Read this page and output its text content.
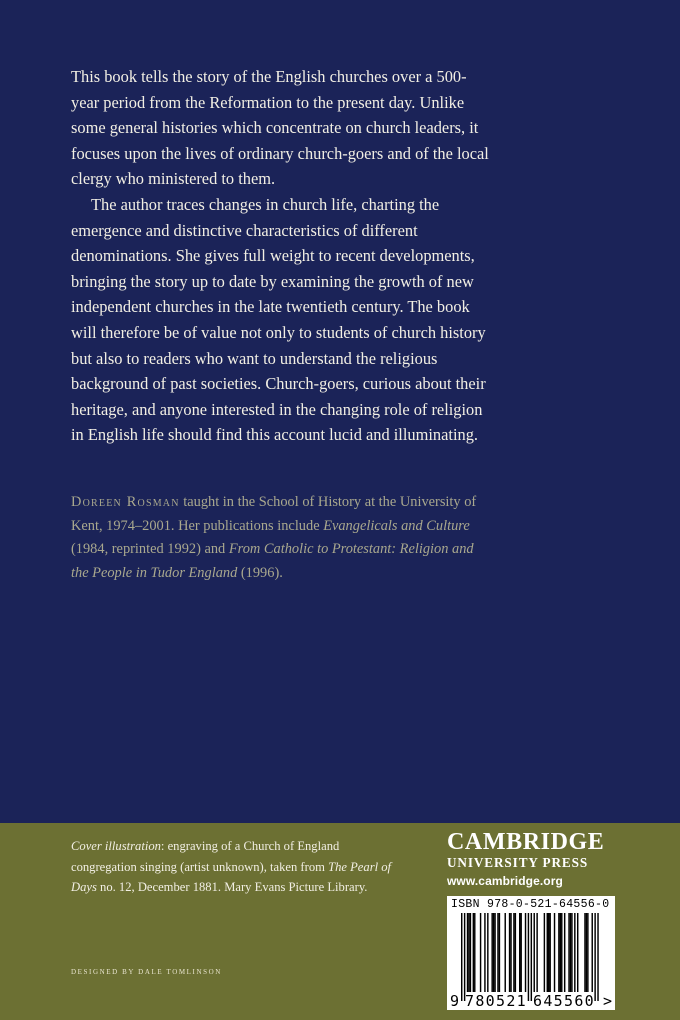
This book tells the story of the English churches over a 500-year period from the Reformation to the present day. Unlike some general histories which concentrate on church leaders, it focuses upon the lives of ordinary church-goers and of the local clergy who ministered to them.

The author traces changes in church life, charting the emergence and distinctive characteristics of different denominations. She gives full weight to recent developments, bringing the story up to date by examining the growth of new independent churches in the late twentieth century. The book will therefore be of value not only to students of church history but also to readers who want to understand the religious background of past societies. Church-goers, curious about their heritage, and anyone interested in the changing role of religion in English life should find this account lucid and illuminating.

Doreen Rosman taught in the School of History at the University of Kent, 1974–2001. Her publications include Evangelicals and Culture (1984, reprinted 1992) and From Catholic to Protestant: Religion and the People in Tudor England (1996).

Cover illustration: engraving of a Church of England congregation singing (artist unknown), taken from The Pearl of Days no. 12, December 1881. Mary Evans Picture Library.

DESIGNED BY DALE TOMLINSON
CAMBRIDGE
UNIVERSITY PRESS
www.cambridge.org
ISBN 978-0-521-64556-0
9 780521 645560 >
